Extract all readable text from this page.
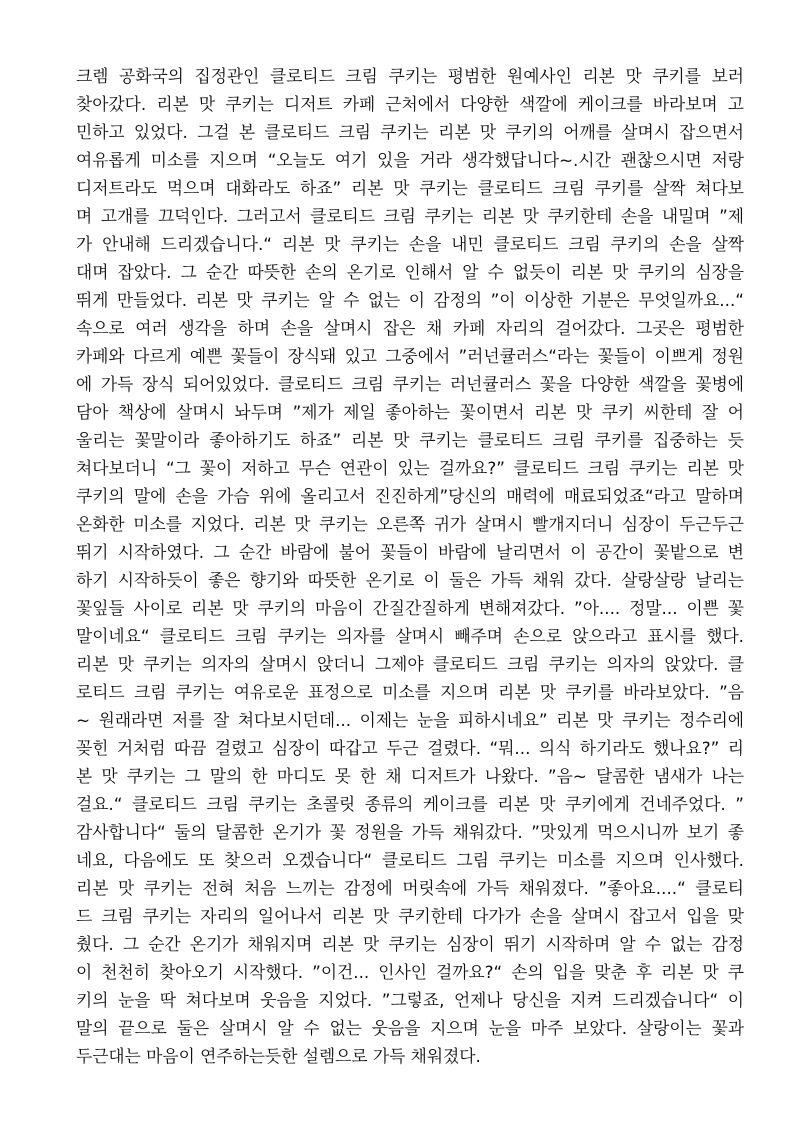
크렘 공화국의 집정관인 클로티드 크림 쿠키는 평범한 원예사인 리본 맛 쿠키를 보러
찾아갔다. 리본 맛 쿠키는 디저트 카페 근처에서 다양한 색깔에 케이크를 바라보며 고
민하고 있었다. 그걸 본 클로티드 크림 쿠키는 리본 맛 쿠키의 어깨를 살며시 잡으면서
여유롭게 미소를 지으며 “오늘도 여기 있을 거라 생각했답니다~.시간 괜찮으시면 저랑
디저트라도 먹으며 대화라도 하죠” 리본 맛 쿠키는 클로티드 크림 쿠키를 살짝 쳐다보
며 고개를 끄덕인다. 그러고서 클로티드 크림 쿠키는 리본 맛 쿠키한테 손을 내밀며 ”제
가 안내해 드리겠습니다.“ 리본 맛 쿠키는 손을 내민 클로티드 크림 쿠키의 손을 살짝
대며 잡았다. 그 순간 따뜻한 손의 온기로 인해서 알 수 없듯이 리본 맛 쿠키의 심장을
뛰게 만들었다. 리본 맛 쿠키는 알 수 없는 이 감정의 ”이 이상한 기분은 무엇일까요...“
속으로 여러 생각을 하며 손을 살며시 잡은 채 카페 자리의 걸어갔다. 그곳은 평범한
카페와 다르게 예쁜 꽃들이 장식돼 있고 그중에서 ”러넌큘러스“라는 꽃들이 이쁘게 정원
에 가득 장식 되어있었다. 클로티드 크림 쿠키는 러넌큘러스 꽃을 다양한 색깔을 꽃병에
담아 책상에 살며시 놔두며 ”제가 제일 좋아하는 꽃이면서 리본 맛 쿠키 씨한테 잘 어
울리는 꽃말이라 좋아하기도 하죠” 리본 맛 쿠키는 클로티드 크림 쿠키를 집중하는 듯
쳐다보더니 “그 꽃이 저하고 무슨 연관이 있는 걸까요?” 클로티드 크림 쿠키는 리본 맛
쿠키의 말에 손을 가슴 위에 올리고서 진진하게”당신의 매력에 매료되었죠“라고 말하며
온화한 미소를 지었다. 리본 맛 쿠키는 오른쪽 귀가 살며시 빨개지더니 심장이 두근두근
뛰기 시작하였다. 그 순간 바람에 불어 꽃들이 바람에 날리면서 이 공간이 꽃밭으로 변
하기 시작하듯이 좋은 향기와 따뜻한 온기로 이 둘은 가득 채워 갔다. 살랑살랑 날리는
꽃잎들 사이로 리본 맛 쿠키의 마음이 간질간질하게 변해져갔다. ”아.... 정말... 이쁜 꽃
말이네요“ 클로티드 크림 쿠키는 의자를 살며시 빼주며 손으로 앉으라고 표시를 했다.
리본 맛 쿠키는 의자의 살며시 앉더니 그제야 클로티드 크림 쿠키는 의자의 앉았다. 클
로티드 크림 쿠키는 여유로운 표정으로 미소를 지으며 리본 맛 쿠키를 바라보았다. ”음
~ 원래라면 저를 잘 쳐다보시던데... 이제는 눈을 피하시네요” 리본 맛 쿠키는 정수리에
꽂힌 거처럼 따끔 걸렸고 심장이 따갑고 두근 걸렸다. “뭐... 의식 하기라도 했나요?” 리
본 맛 쿠키는 그 말의 한 마디도 못 한 채 디저트가 나왔다. ”음~ 달콤한 냄새가 나는
걸요.“ 클로티드 크림 쿠키는 초콜릿 종류의 케이크를 리본 맛 쿠키에게 건네주었다. ”
감사합니다“ 둘의 달콤한 온기가 꽃 정원을 가득 채워갔다. ”맛있게 먹으시니까 보기 좋
네요, 다음에도 또 찾으러 오겠습니다“ 클로티드 그림 쿠키는 미소를 지으며 인사했다.
리본 맛 쿠키는 전혀 처음 느끼는 감정에 머릿속에 가득 채워졌다. ”좋아요....“ 클로티
드 크림 쿠키는 자리의 일어나서 리본 맛 쿠키한테 다가가 손을 살며시 잡고서 입을 맞
췄다. 그 순간 온기가 채워지며 리본 맛 쿠키는 심장이 뛰기 시작하며 알 수 없는 감정
이 천천히 찾아오기 시작했다. ”이건... 인사인 걸까요?“ 손의 입을 맞춘 후 리본 맛 쿠
키의 눈을 딱 쳐다보며 웃음을 지었다. ”그렇죠, 언제나 당신을 지켜 드리겠습니다“ 이
말의 끝으로 둘은 살며시 알 수 없는 웃음을 지으며 눈을 마주 보았다. 살랑이는 꽃과
두근대는 마음이 연주하는듯한 설렘으로 가득 채워졌다.
